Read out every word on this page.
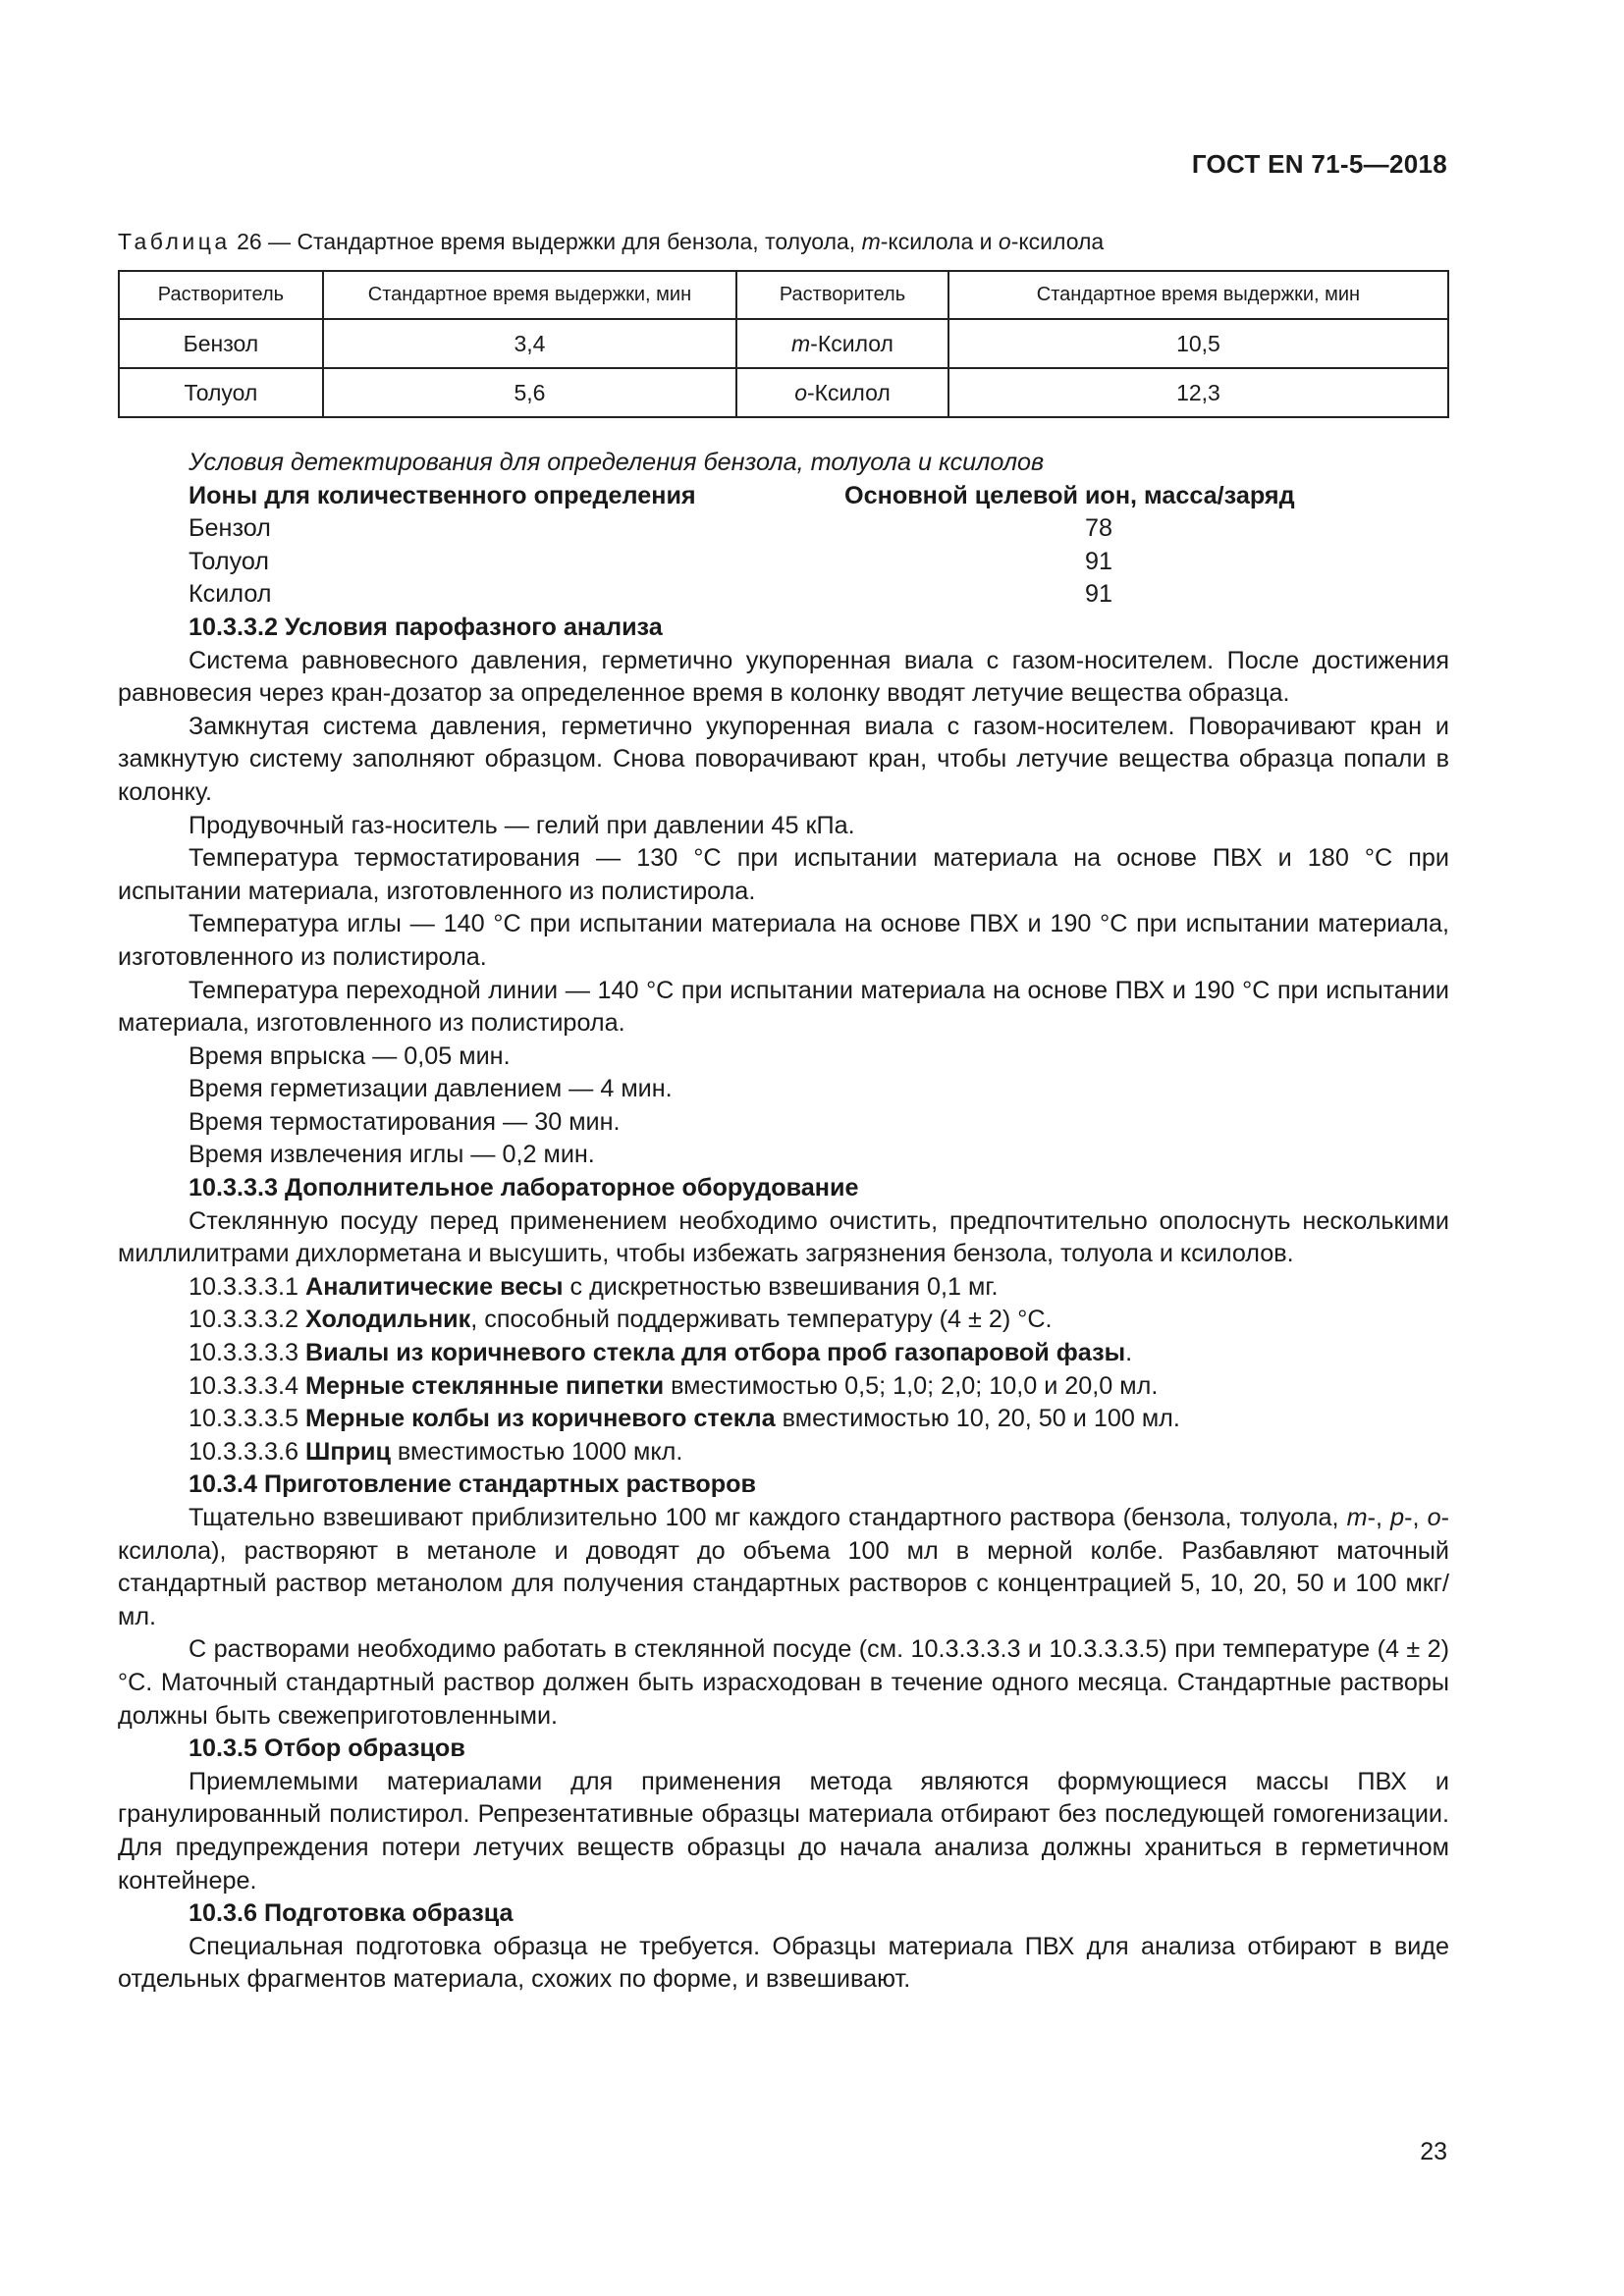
ГОСТ EN 71-5—2018
Таблица 26 — Стандартное время выдержки для бензола, толуола, m-ксилола и o-ксилола
Растворитель	Стандартное время выдержки, мин	Растворитель	Стандартное время выдержки, мин
Бензол	3,4	m-Ксилол	10,5
Толуол	5,6	o-Ксилол	12,3

Условия детектирования для определения бензола, толуола и ксилолов

Ионы для количественного определения	Основной целевой ион, масса/заряд
Бензол	78
Толуол	91
Ксилол	91

10.3.3.2 Условия парофазного анализа

Система равновесного давления, герметично укупоренная виала с газом-носителем. После достижения равновесия через кран-дозатор за определенное время в колонку вводят летучие вещества образца.

Замкнутая система давления, герметично укупоренная виала с газом-носителем. Поворачивают кран и замкнутую систему заполняют образцом. Снова поворачивают кран, чтобы летучие вещества образца попали в колонку.

Продувочный газ-носитель — гелий при давлении 45 кПа.

Температура термостатирования — 130 °С при испытании материала на основе ПВХ и 180 °С при испытании материала, изготовленного из полистирола.

Температура иглы — 140 °С при испытании материала на основе ПВХ и 190 °С при испытании материала, изготовленного из полистирола.

Температура переходной линии — 140 °С при испытании материала на основе ПВХ и 190 °С при испытании материала, изготовленного из полистирола.

Время впрыска — 0,05 мин.

Время герметизации давлением — 4 мин.

Время термостатирования — 30 мин.

Время извлечения иглы — 0,2 мин.

10.3.3.3 Дополнительное лабораторное оборудование

Стеклянную посуду перед применением необходимо очистить, предпочтительно ополоснуть несколькими миллилитрами дихлорметана и высушить, чтобы избежать загрязнения бензола, толуола и ксилолов.

10.3.3.3.1 Аналитические весы с дискретностью взвешивания 0,1 мг.

10.3.3.3.2 Холодильник, способный поддерживать температуру (4 ± 2) °С.

10.3.3.3.3 Виалы из коричневого стекла для отбора проб газопаровой фазы.

10.3.3.3.4 Мерные стеклянные пипетки вместимостью 0,5; 1,0; 2,0; 10,0 и 20,0 мл.

10.3.3.3.5 Мерные колбы из коричневого стекла вместимостью 10, 20, 50 и 100 мл.

10.3.3.3.6 Шприц вместимостью 1000 мкл.

10.3.4 Приготовление стандартных растворов

Тщательно взвешивают приблизительно 100 мг каждого стандартного раствора (бензола, толуола, m-, p-, o-ксилола), растворяют в метаноле и доводят до объема 100 мл в мерной колбе. Разбавляют маточный стандартный раствор метанолом для получения стандартных растворов с концентрацией 5, 10, 20, 50 и 100 мкг/мл.

С растворами необходимо работать в стеклянной посуде (см. 10.3.3.3.3 и 10.3.3.3.5) при температуре (4 ± 2) °С. Маточный стандартный раствор должен быть израсходован в течение одного месяца. Стандартные растворы должны быть свежеприготовленными.

10.3.5 Отбор образцов

Приемлемыми материалами для применения метода являются формующиеся массы ПВХ и гранулированный полистирол. Репрезентативные образцы материала отбирают без последующей гомогенизации. Для предупреждения потери летучих веществ образцы до начала анализа должны храниться в герметичном контейнере.

10.3.6 Подготовка образца

Специальная подготовка образца не требуется. Образцы материала ПВХ для анализа отбирают в виде отдельных фрагментов материала, схожих по форме, и взвешивают.

23
